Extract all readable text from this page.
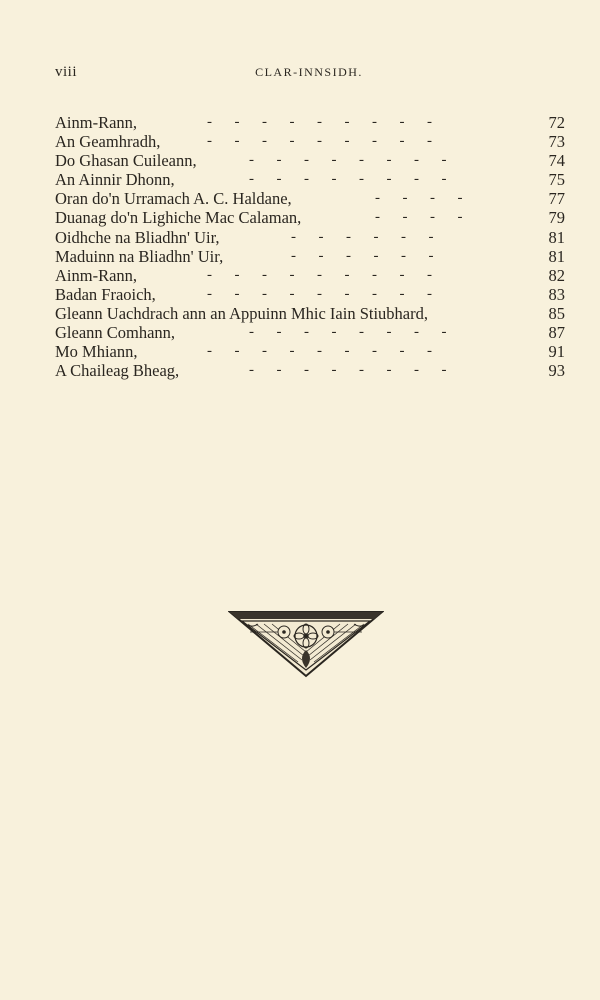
viii	CLAR-INNSIDH.
Ainm-Rann,	-      -      -      -      -      -      -      -      -	72
An Geamhradh,	-      -      -      -      -      -      -      -      -	73
Do Ghasan Cuileann,	-      -      -      -      -      -      -      -	74
An Ainnir Dhonn,	-      -      -      -      -      -      -      -	75
Oran do'n Urramach A. C. Haldane,	-      -      -      -	77
Duanag do'n Lighiche Mac Calaman,	-      -      -      -	79
Oidhche na Bliadhn' Uir,	-      -      -      -      -      -	81
Maduinn na Bliadhn' Uir,	-      -      -      -      -      -	81
Ainm-Rann,	-      -      -      -      -      -      -      -      -	82
Badan Fraoich,	-      -      -      -      -      -      -      -      -	83
Gleann Uachdrach ann an Appuinn Mhic Iain Stiubhard,	85
Gleann Comhann,	-      -      -      -      -      -      -      -	87
Mo Mhiann,	-      -      -      -      -      -      -      -      -	91
A Chaileag Bheag,	-      -      -      -      -      -      -      -	93
